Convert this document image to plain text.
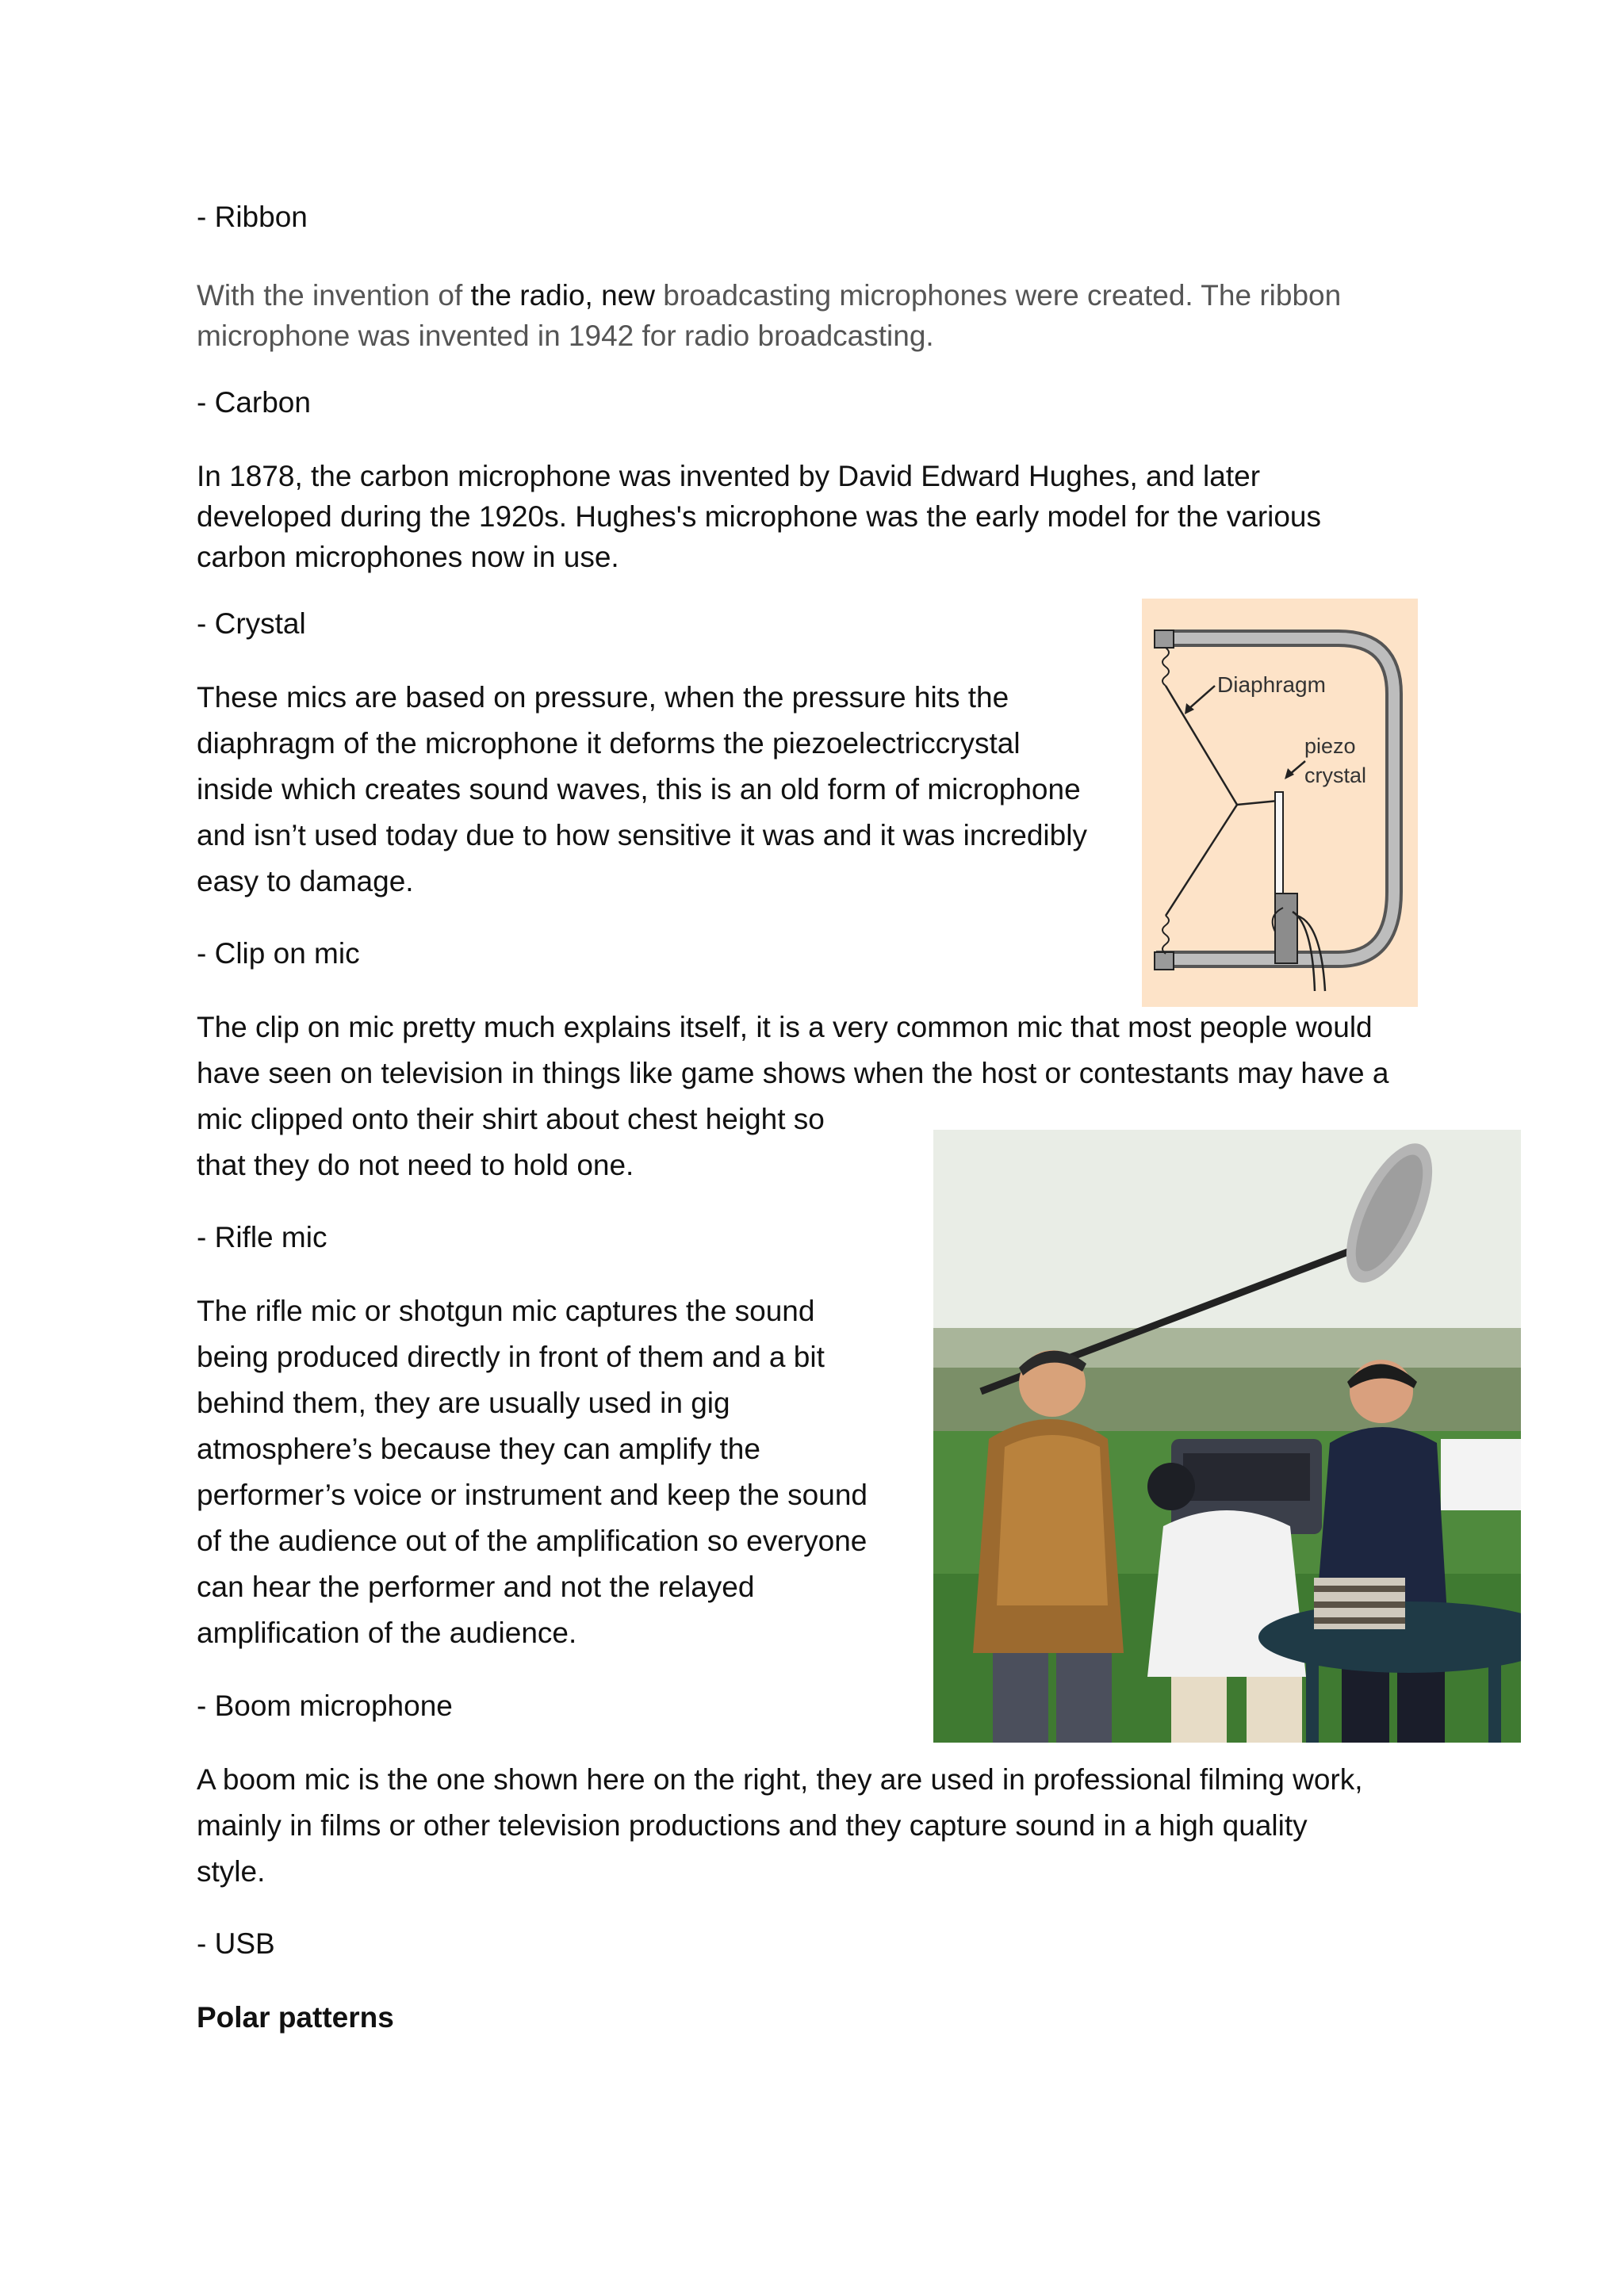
- Ribbon

With the invention of the radio, new broadcasting microphones were created. The ribbon

microphone was invented in 1942 for radio broadcasting.

- Carbon

In 1878, the carbon microphone was invented by David Edward Hughes, and later

developed during the 1920s. Hughes's microphone was the early model for the various

carbon microphones now in use.

- Crystal

These mics are based on pressure, when the pressure hits the

diaphragm of the microphone it deforms the piezoelectriccrystal

inside which creates sound waves, this is an old form of microphone

and isn’t used today due to how sensitive it was and it was incredibly

easy to damage.

Diaphragm
piezo
crystal

- Clip on mic

The clip on mic pretty much explains itself, it is a very common mic that most people would

have seen on television in things like game shows when the host or contestants may have a

mic clipped onto their shirt about chest height so

that they do not need to hold one.

- Rifle mic

The rifle mic or shotgun mic captures the sound

being produced directly in front of them and a bit

behind them, they are usually used in gig

atmosphere’s because they can amplify the

performer’s voice or instrument and keep the sound

of the audience out of the amplification so everyone

can hear the performer and not the relayed

amplification of the audience.

- Boom microphone

A boom mic is the one shown here on the right, they are used in professional filming work,

mainly in films or other television productions and they capture sound in a high quality

style.

- USB

Polar patterns
